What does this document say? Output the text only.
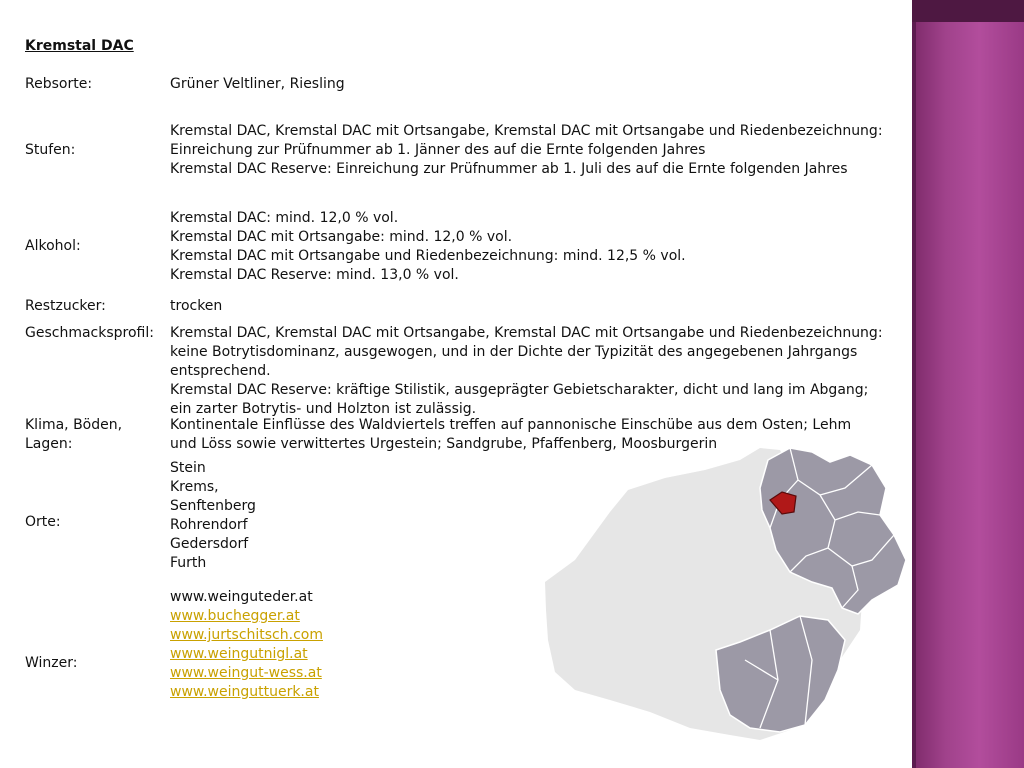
Kremstal DAC
Rebsorte:	Grüner Veltliner, Riesling
Stufen:
Kremstal DAC, Kremstal DAC mit Ortsangabe, Kremstal DAC mit Ortsangabe und Riedenbezeichnung:
Einreichung zur Prüfnummer ab 1. Jänner des auf die Ernte folgenden Jahres
Kremstal DAC Reserve: Einreichung zur Prüfnummer ab 1. Juli des auf die Ernte folgenden Jahres
Alkohol:
Kremstal DAC: mind. 12,0 % vol.
Kremstal DAC mit Ortsangabe: mind. 12,0 % vol.
Kremstal DAC mit Ortsangabe und Riedenbezeichnung: mind. 12,5 % vol.
Kremstal DAC Reserve: mind. 13,0 % vol.
Restzucker:	trocken
Geschmacksprofil: Kremstal DAC, Kremstal DAC mit Ortsangabe, Kremstal DAC mit Ortsangabe und Riedenbezeichnung:
keine Botrytisdominanz, ausgewogen, und in der Dichte der Typizität des angegebenen Jahrgangs
entsprechend.
Kremstal DAC Reserve: kräftige Stilistik, ausgeprägter Gebietscharakter, dicht und lang im Abgang;
ein zarter Botrytis- und Holzton ist zulässig.
Klima, Böden,
Lagen:
Kontinentale Einflüsse des Waldviertels treffen auf pannonische Einschübe aus dem Osten; Lehm
und Löss sowie verwittertes Urgestein; Sandgrube, Pfaffenberg, Moosburgerin
Orte:
Stein
Krems,
Senftenberg
Rohrendorf
Gedersdorf
Furth
Winzer:
www.weinguteder.at
www.buchegger.at
www.jurtschitsch.com
www.weingutnigl.at
www.weingut-wess.at
www.weinguttuerk.at
